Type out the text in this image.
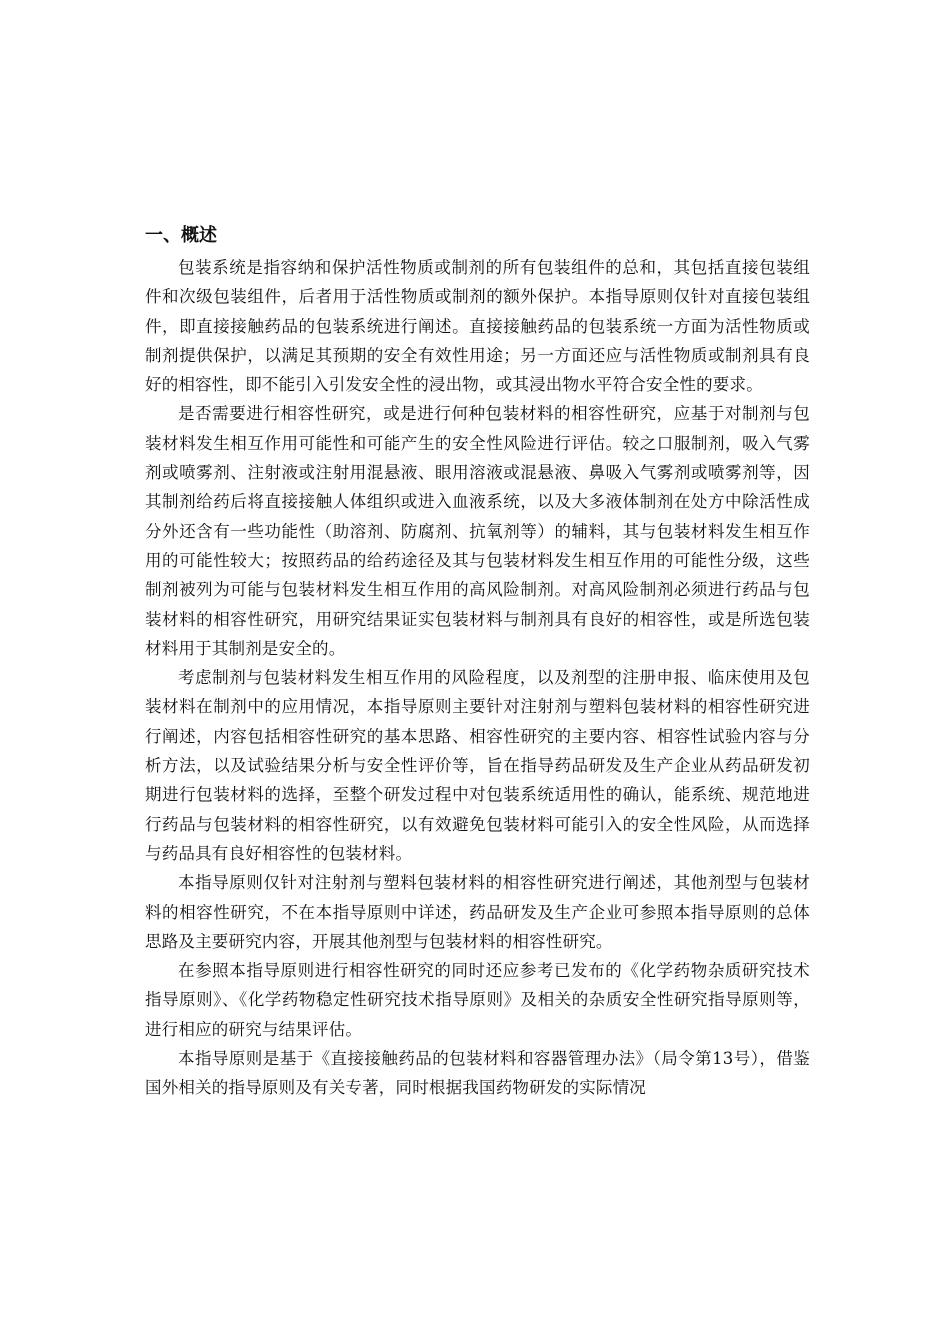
一、概述

包装系统是指容纳和保护活性物质或制剂的所有包装组件的总和，其包括直接包装组件和次级包装组件，后者用于活性物质或制剂的额外保护。本指导原则仅针对直接包装组件，即直接接触药品的包装系统进行阐述。直接接触药品的包装系统一方面为活性物质或制剂提供保护，以满足其预期的安全有效性用途；另一方面还应与活性物质或制剂具有良好的相容性，即不能引入引发安全性的浸出物，或其浸出物水平符合安全性的要求。

是否需要进行相容性研究，或是进行何种包装材料的相容性研究，应基于对制剂与包装材料发生相互作用可能性和可能产生的安全性风险进行评估。较之口服制剂，吸入气雾剂或喷雾剂、注射液或注射用混悬液、眼用溶液或混悬液、鼻吸入气雾剂或喷雾剂等，因其制剂给药后将直接接触人体组织或进入血液系统，以及大多液体制剂在处方中除活性成分外还含有一些功能性（助溶剂、防腐剂、抗氧剂等）的辅料，其与包装材料发生相互作用的可能性较大；按照药品的给药途径及其与包装材料发生相互作用的可能性分级，这些制剂被列为可能与包装材料发生相互作用的高风险制剂。对高风险制剂必须进行药品与包装材料的相容性研究，用研究结果证实包装材料与制剂具有良好的相容性，或是所选包装材料用于其制剂是安全的。

考虑制剂与包装材料发生相互作用的风险程度，以及剂型的注册申报、临床使用及包装材料在制剂中的应用情况，本指导原则主要针对注射剂与塑料包装材料的相容性研究进行阐述，内容包括相容性研究的基本思路、相容性研究的主要内容、相容性试验内容与分析方法，以及试验结果分析与安全性评价等，旨在指导药品研发及生产企业从药品研发初期进行包装材料的选择，至整个研发过程中对包装系统适用性的确认，能系统、规范地进行药品与包装材料的相容性研究，以有效避免包装材料可能引入的安全性风险，从而选择与药品具有良好相容性的包装材料。

本指导原则仅针对注射剂与塑料包装材料的相容性研究进行阐述，其他剂型与包装材料的相容性研究，不在本指导原则中详述，药品研发及生产企业可参照本指导原则的总体思路及主要研究内容，开展其他剂型与包装材料的相容性研究。

在参照本指导原则进行相容性研究的同时还应参考已发布的《化学药物杂质研究技术指导原则》、《化学药物稳定性研究技术指导原则》及相关的杂质安全性研究指导原则等，进行相应的研究与结果评估。

本指导原则是基于《直接接触药品的包装材料和容器管理办法》（局令第13号），借鉴国外相关的指导原则及有关专著，同时根据我国药物研发的实际情况
